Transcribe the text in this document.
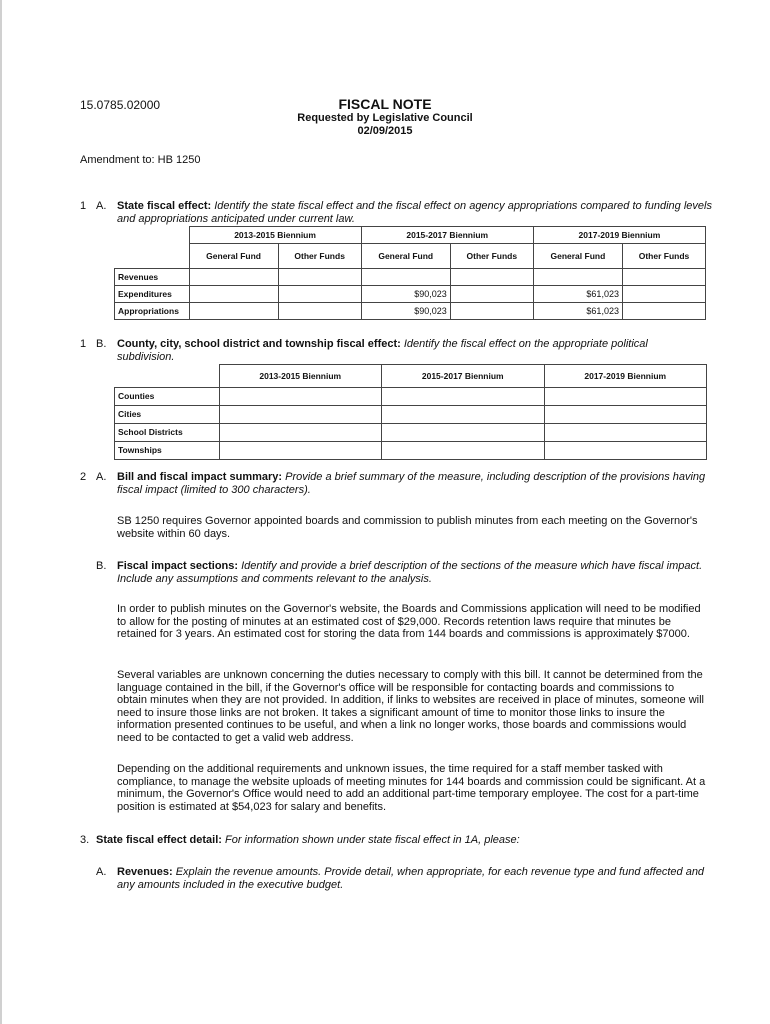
15.0785.02000	FISCAL NOTE
Requested by Legislative Council
02/09/2015
Amendment to: HB 1250
1 A. State fiscal effect: Identify the state fiscal effect and the fiscal effect on agency appropriations compared to funding levels and appropriations anticipated under current law.
	2013-2015 Biennium		2015-2017 Biennium		2017-2019 Biennium	
	General Fund	Other Funds	General Fund	Other Funds	General Fund	Other Funds
Revenues						
Expenditures			$90,023		$61,023	
Appropriations			$90,023		$61,023	
1 B. County, city, school district and township fiscal effect: Identify the fiscal effect on the appropriate political subdivision.
	2013-2015 Biennium	2015-2017 Biennium	2017-2019 Biennium
Counties			
Cities			
School Districts			
Townships			
2 A. Bill and fiscal impact summary: Provide a brief summary of the measure, including description of the provisions having fiscal impact (limited to 300 characters).
SB 1250 requires Governor appointed boards and commission to publish minutes from each meeting on the Governor's website within 60 days.
B. Fiscal impact sections: Identify and provide a brief description of the sections of the measure which have fiscal impact. Include any assumptions and comments relevant to the analysis.
In order to publish minutes on the Governor's website, the Boards and Commissions application will need to be modified to allow for the posting of minutes at an estimated cost of $29,000. Records retention laws require that minutes be retained for 3 years. An estimated cost for storing the data from 144 boards and commissions is approximately $7000.
Several variables are unknown concerning the duties necessary to comply with this bill. It cannot be determined from the language contained in the bill, if the Governor's office will be responsible for contacting boards and commissions to obtain minutes when they are not provided. In addition, if links to websites are received in place of minutes, someone will need to insure those links are not broken. It takes a significant amount of time to monitor those links to insure the information presented continues to be useful, and when a link no longer works, those boards and commissions would need to be contacted to get a valid web address.
Depending on the additional requirements and unknown issues, the time required for a staff member tasked with compliance, to manage the website uploads of meeting minutes for 144 boards and commission could be significant. At a minimum, the Governor's Office would need to add an additional part-time temporary employee. The cost for a part-time position is estimated at $54,023 for salary and benefits.
3. State fiscal effect detail: For information shown under state fiscal effect in 1A, please:
A. Revenues: Explain the revenue amounts. Provide detail, when appropriate, for each revenue type and fund affected and any amounts included in the executive budget.
